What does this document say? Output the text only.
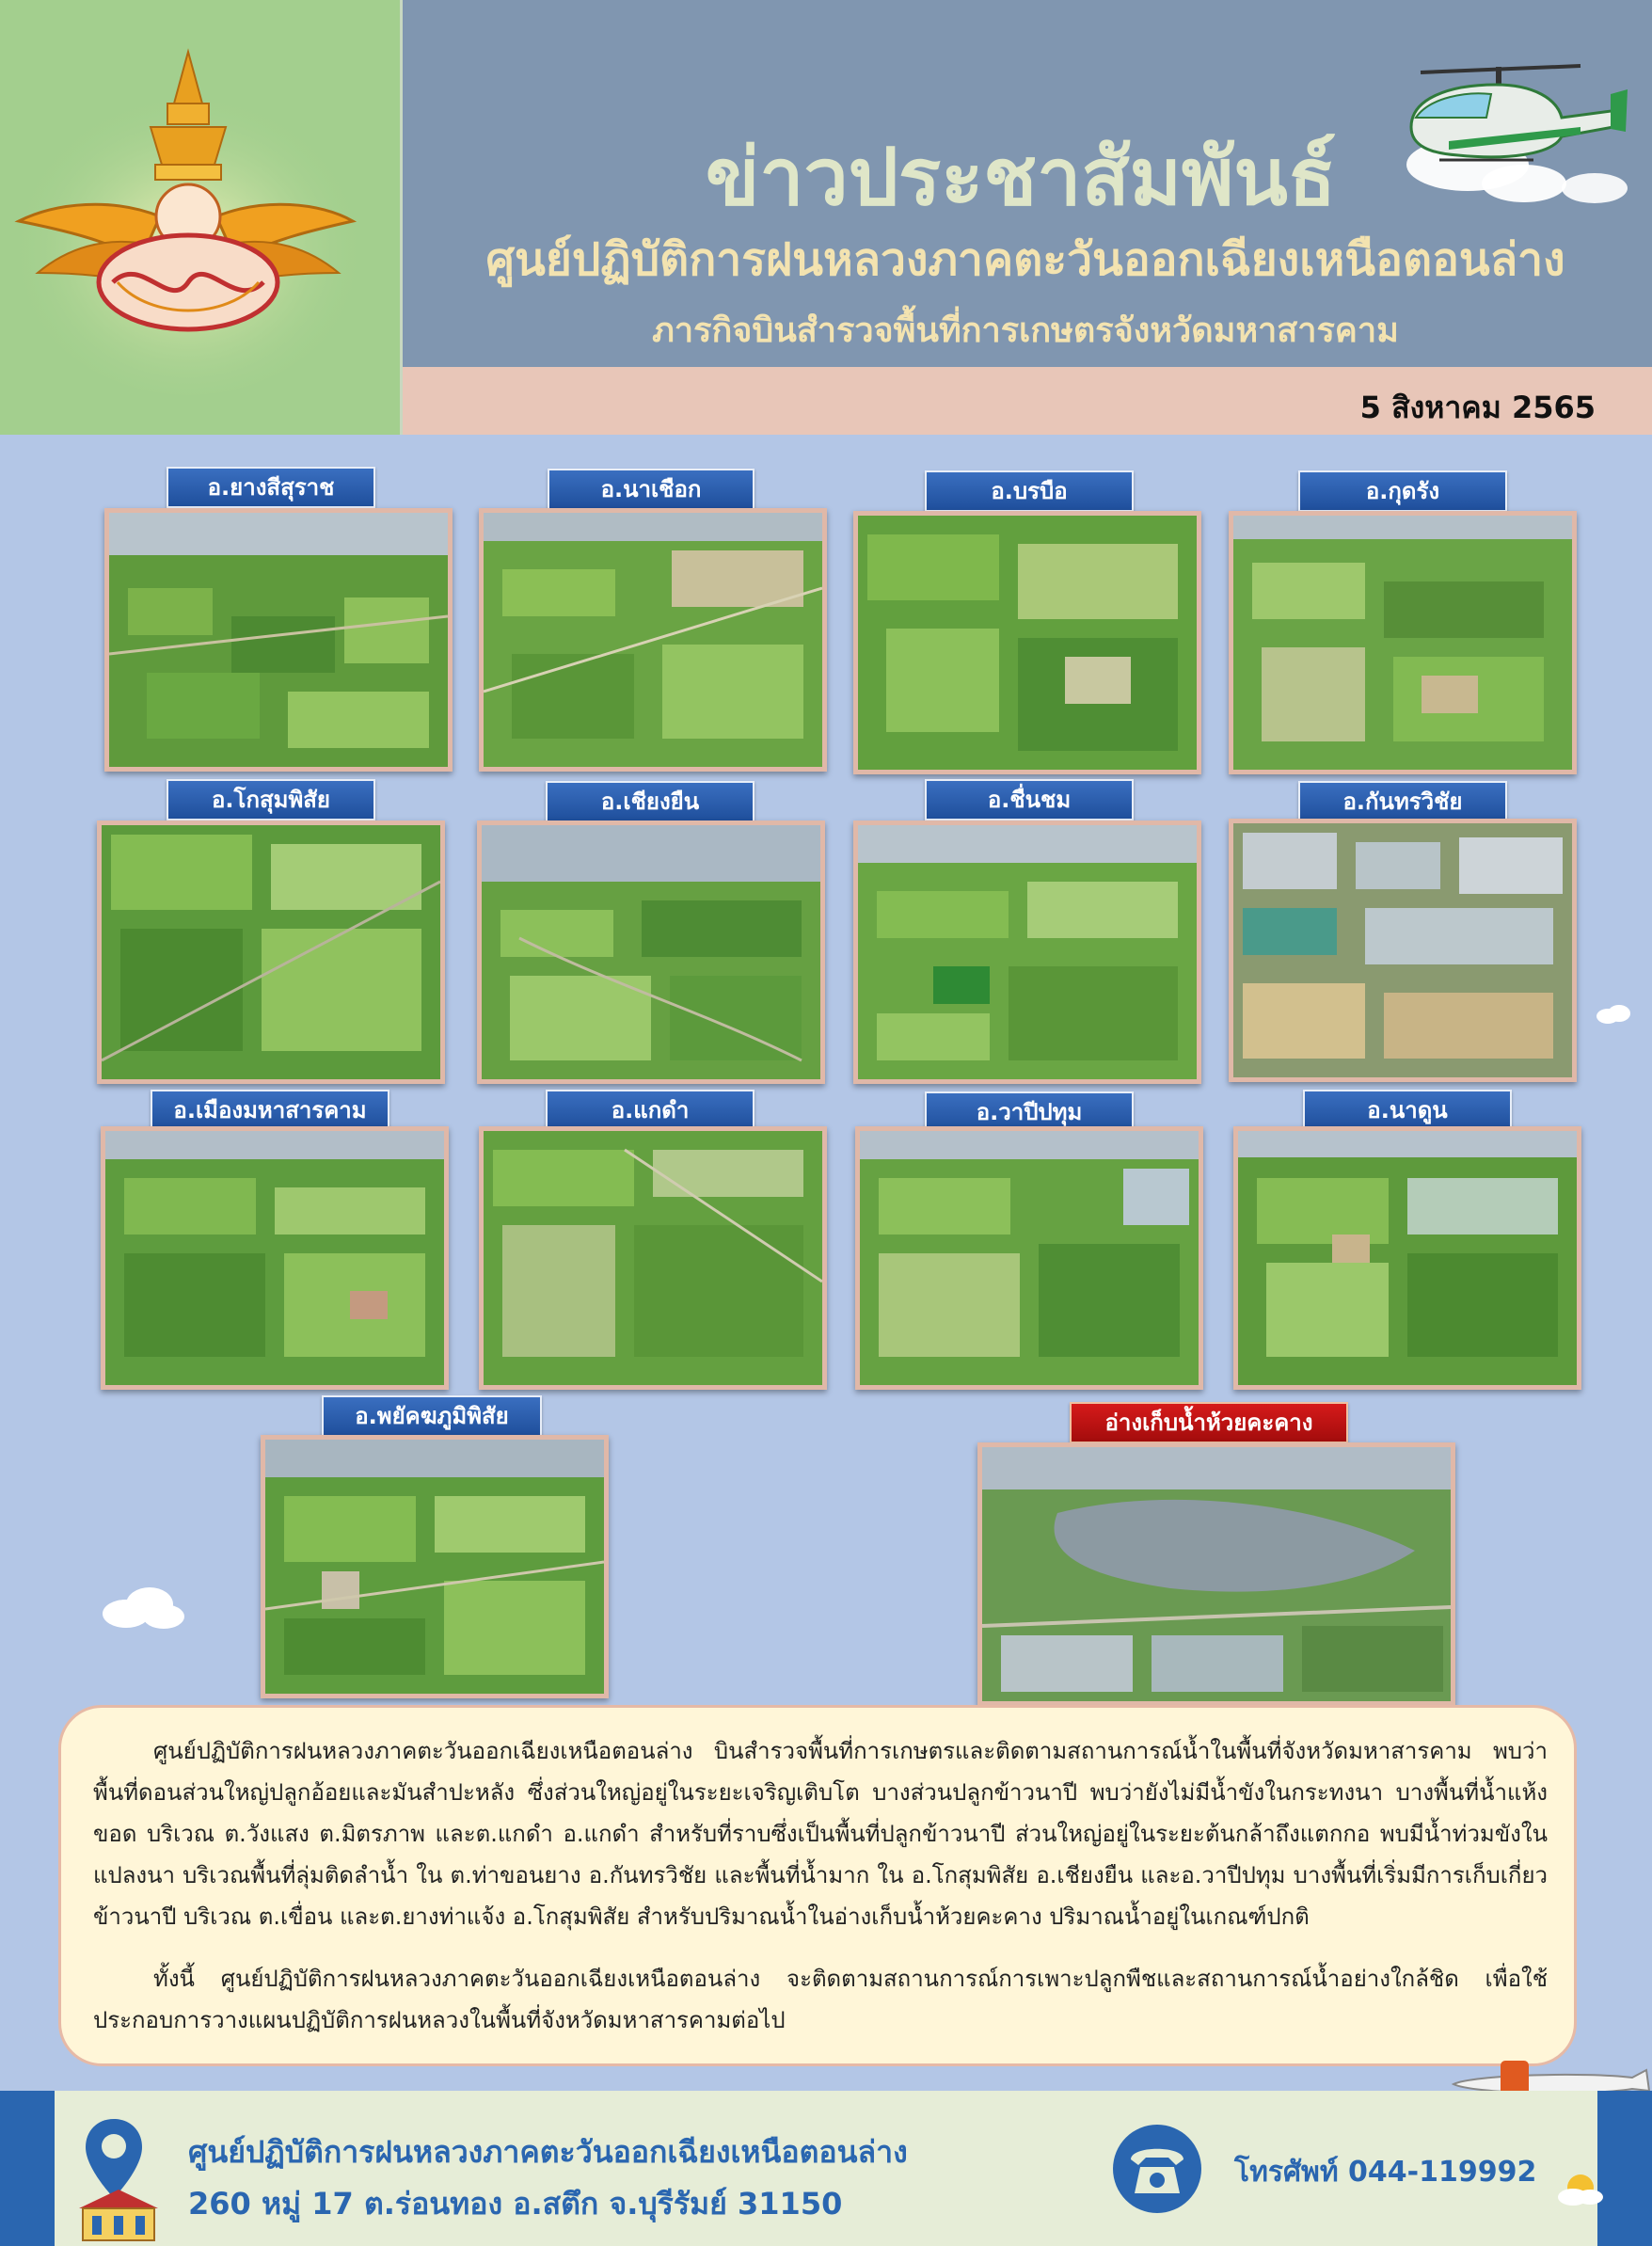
ข่าวประชาสัมพันธ์
ศูนย์ปฏิบัติการฝนหลวงภาคตะวันออกเฉียงเหนือตอนล่าง
ภารกิจบินสำรวจพื้นที่การเกษตรจังหวัดมหาสารคาม
5 สิงหาคม 2565
อ.ยางสีสุราช	อ.นาเชือก	อ.บรบือ	อ.กุดรัง
อ.โกสุมพิสัย	อ.เชียงยืน	อ.ชื่นชม	อ.กันทรวิชัย
อ.เมืองมหาสารคาม	อ.แกดำ	อ.วาปีปทุม	อ.นาดูน
อ.พยัคฆภูมิพิสัย	อ่างเก็บน้ำห้วยคะคาง

ศูนย์ปฏิบัติการฝนหลวงภาคตะวันออกเฉียงเหนือตอนล่าง บินสำรวจพื้นที่การเกษตรและติดตามสถานการณ์น้ำในพื้นที่จังหวัดมหาสารคาม พบว่า พื้นที่ดอนส่วนใหญ่ปลูกอ้อยและมันสำปะหลัง ซึ่งส่วนใหญ่อยู่ในระยะเจริญเติบโต บางส่วนปลูกข้าวนาปี พบว่ายังไม่มีน้ำขังในกระทงนา บางพื้นที่น้ำแห้งขอด บริเวณ ต.วังแสง ต.มิตรภาพ และต.แกดำ อ.แกดำ สำหรับที่ราบซึ่งเป็นพื้นที่ปลูกข้าวนาปี ส่วนใหญ่อยู่ในระยะต้นกล้าถึงแตกกอ พบมีน้ำท่วมขังในแปลงนา บริเวณพื้นที่ลุ่มติดลำน้ำ ใน ต.ท่าขอนยาง อ.กันทรวิชัย และพื้นที่น้ำมาก ใน อ.โกสุมพิสัย อ.เชียงยืน และอ.วาปีปทุม บางพื้นที่เริ่มมีการเก็บเกี่ยวข้าวนาปี บริเวณ ต.เขื่อน และต.ยางท่าแจ้ง อ.โกสุมพิสัย สำหรับปริมาณน้ำในอ่างเก็บน้ำห้วยคะคาง ปริมาณน้ำอยู่ในเกณฑ์ปกติ

ทั้งนี้ ศูนย์ปฏิบัติการฝนหลวงภาคตะวันออกเฉียงเหนือตอนล่าง จะติดตามสถานการณ์การเพาะปลูกพืชและสถานการณ์น้ำอย่างใกล้ชิด เพื่อใช้ประกอบการวางแผนปฏิบัติการฝนหลวงในพื้นที่จังหวัดมหาสารคามต่อไป

ศูนย์ปฏิบัติการฝนหลวงภาคตะวันออกเฉียงเหนือตอนล่าง
260 หมู่ 17 ต.ร่อนทอง อ.สตึก จ.บุรีรัมย์ 31150
โทรศัพท์ 044-119992
